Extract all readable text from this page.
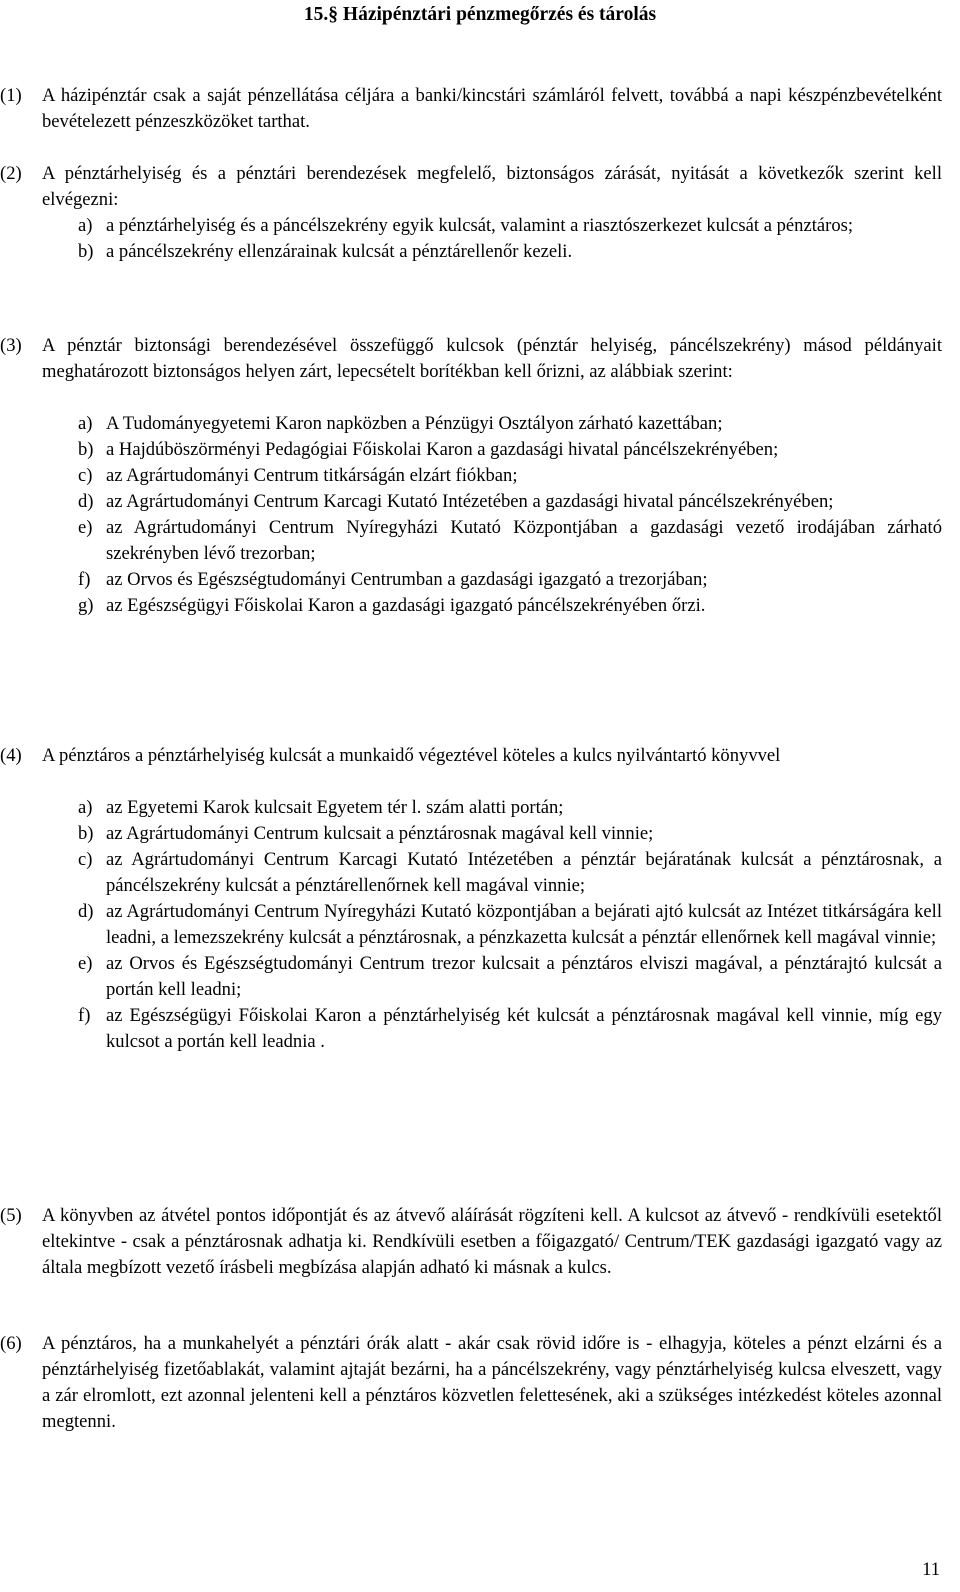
15.§ Házipénztári pénzmegőrzés és tárolás
(1) A házipénztár csak a saját pénzellátása céljára a banki/kincstári számláról felvett, továbbá a napi készpénzbevételként bevételezett pénzeszközöket tarthat.
(2) A pénztárhelyiség és a pénztári berendezések megfelelő, biztonságos zárását, nyitását a következők szerint kell elvégezni:
a) a pénztárhelyiség és a páncélszekrény egyik kulcsát, valamint a riasztószerkezet kulcsát a pénztáros;
b) a páncélszekrény ellenzárainak kulcsát a pénztárellenőr kezeli.
(3) A pénztár biztonsági berendezésével összefüggő kulcsok (pénztár helyiség, páncélszekrény) másod példányait meghatározott biztonságos helyen zárt, lepecsételt borítékban kell őrizni, az alábbiak szerint:
a) A Tudományegyetemi Karon napközben a Pénzügyi Osztályon zárható kazettában;
b) a Hajdúböszörményi Pedagógiai Főiskolai Karon a gazdasági hivatal páncélszekrényében;
c) az Agrártudományi Centrum titkárságán elzárt fiókban;
d) az Agrártudományi Centrum Karcagi Kutató Intézetében a gazdasági hivatal páncélszekrényében;
e) az Agrártudományi Centrum Nyíregyházi Kutató Központjában a gazdasági vezető irodájában zárható szekrényben lévő trezorban;
f) az Orvos és Egészségtudományi Centrumban a gazdasági igazgató a trezorjában;
g) az Egészségügyi Főiskolai Karon a gazdasági igazgató páncélszekrényében őrzi.
(4) A pénztáros a pénztárhelyiség kulcsát a munkaidő végeztével köteles a kulcs nyilvántartó könyvvel
a) az Egyetemi Karok kulcsait Egyetem tér l. szám alatti portán;
b) az Agrártudományi Centrum kulcsait a pénztárosnak magával kell vinnie;
c) az Agrártudományi Centrum Karcagi Kutató Intézetében a pénztár bejáratának kulcsát a pénztárosnak, a páncélszekrény kulcsát a pénztárellenőrnek kell magával vinnie;
d) az Agrártudományi Centrum Nyíregyházi Kutató központjában a bejárati ajtó kulcsát az Intézet titkárságára kell leadni, a lemezszekrény kulcsát a pénztárosnak, a pénzkazetta kulcsát a pénztár ellenőrnek kell magával vinnie;
e) az Orvos és Egészségtudományi Centrum trezor kulcsait a pénztáros elviszi magával, a pénztárajtó kulcsát a portán kell leadni;
f) az Egészségügyi Főiskolai Karon a pénztárhelyiség két kulcsát a pénztárosnak magával kell vinnie, míg egy kulcsot a portán kell leadnia .
(5) A könyvben az átvétel pontos időpontját és az átvevő aláírását rögzíteni kell. A kulcsot az átvevő - rendkívüli esetektől eltekintve - csak a pénztárosnak adhatja ki. Rendkívüli esetben a főigazgató/ Centrum/TEK gazdasági igazgató vagy az általa megbízott vezető írásbeli megbízása alapján adható ki másnak a kulcs.
(6) A pénztáros, ha a munkahelyét a pénztári órák alatt - akár csak rövid időre is - elhagyja, köteles a pénzt elzárni és a pénztárhelyiség fizetőablakát, valamint ajtaját bezárni, ha a páncélszekrény, vagy pénztárhelyiség kulcsa elveszett, vagy a zár elromlott, ezt azonnal jelenteni kell a pénztáros közvetlen felettesének, aki a szükséges intézkedést köteles azonnal megtenni.
11
